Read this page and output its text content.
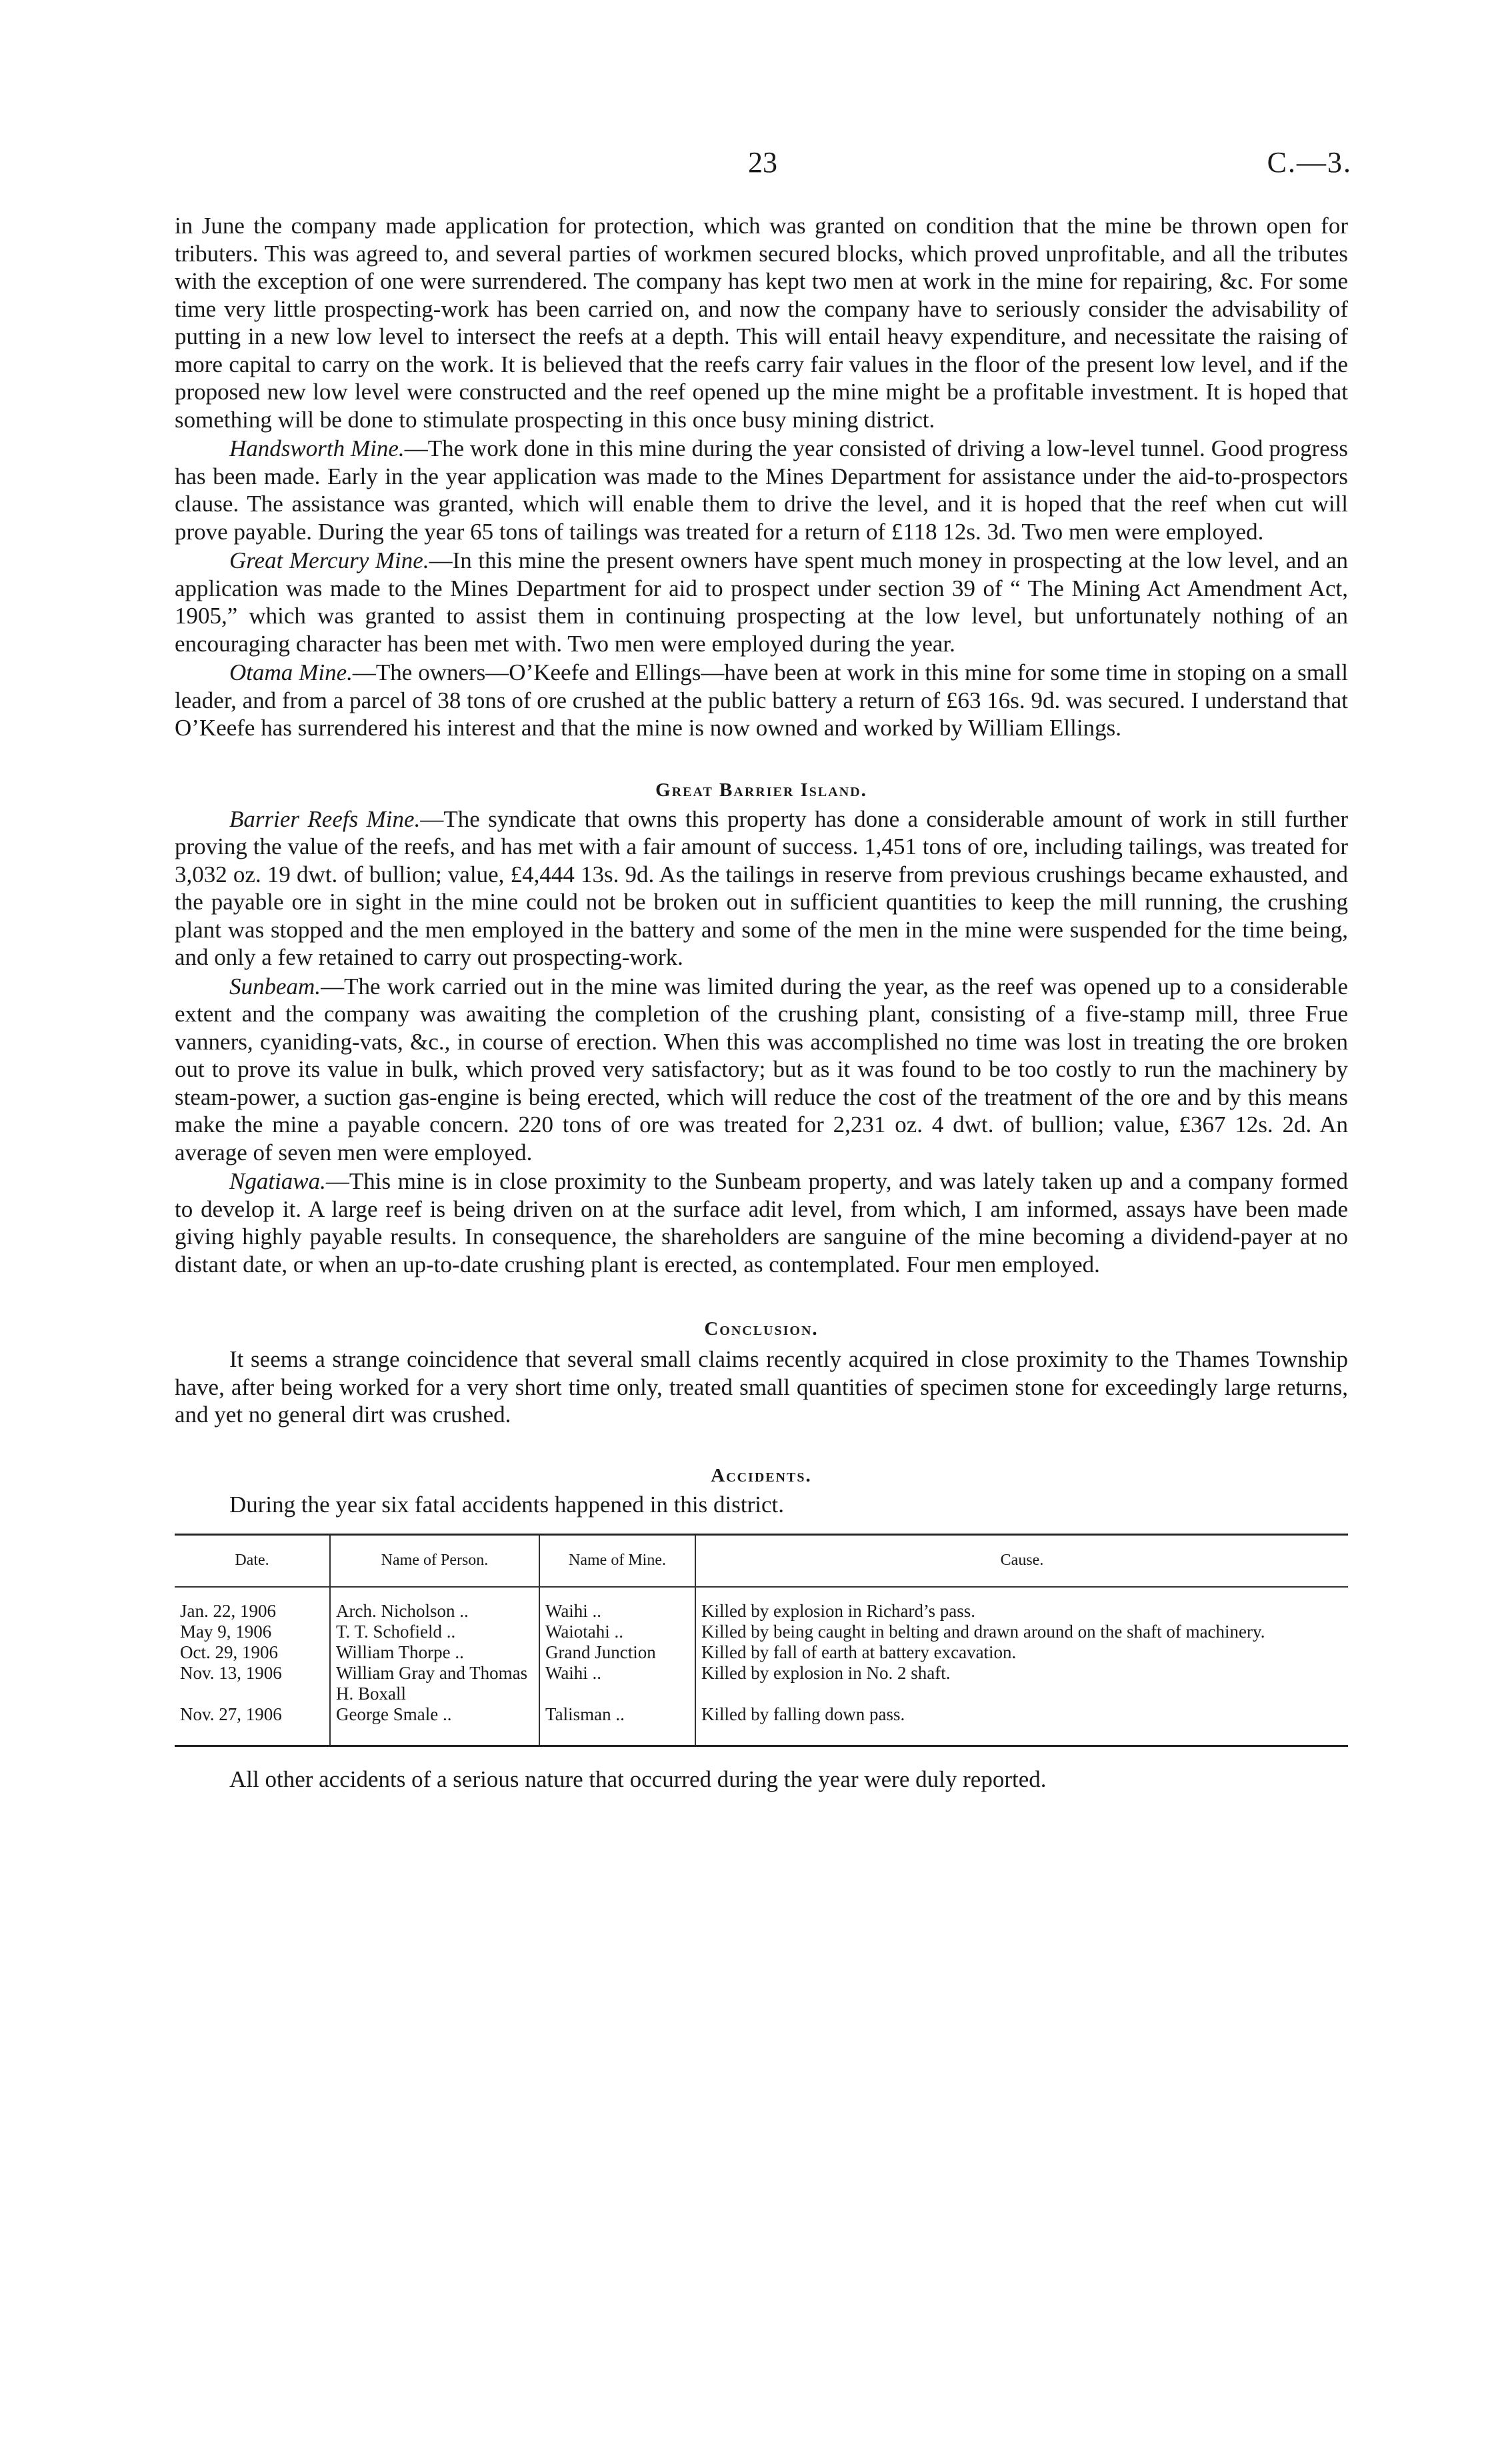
23	C.—3.

in June the company made application for protection, which was granted on condition that the mine be thrown open for tributers. This was agreed to, and several parties of workmen secured blocks, which proved unprofitable, and all the tributes with the exception of one were surrendered. The company has kept two men at work in the mine for repairing, &c. For some time very little prospecting-work has been carried on, and now the company have to seriously consider the advisability of putting in a new low level to intersect the reefs at a depth. This will entail heavy expenditure, and necessitate the raising of more capital to carry on the work. It is believed that the reefs carry fair values in the floor of the present low level, and if the proposed new low level were constructed and the reef opened up the mine might be a profitable investment. It is hoped that something will be done to stimulate prospecting in this once busy mining district.

Handsworth Mine.—The work done in this mine during the year consisted of driving a low-level tunnel. Good progress has been made. Early in the year application was made to the Mines Department for assistance under the aid-to-prospectors clause. The assistance was granted, which will enable them to drive the level, and it is hoped that the reef when cut will prove payable. During the year 65 tons of tailings was treated for a return of £118 12s. 3d. Two men were employed.

Great Mercury Mine.—In this mine the present owners have spent much money in prospecting at the low level, and an application was made to the Mines Department for aid to prospect under section 39 of “ The Mining Act Amendment Act, 1905,” which was granted to assist them in continuing prospecting at the low level, but unfortunately nothing of an encouraging character has been met with. Two men were employed during the year.

Otama Mine.—The owners—O’Keefe and Ellings—have been at work in this mine for some time in stoping on a small leader, and from a parcel of 38 tons of ore crushed at the public battery a return of £63 16s. 9d. was secured. I understand that O’Keefe has surrendered his interest and that the mine is now owned and worked by William Ellings.

Great Barrier Island.

Barrier Reefs Mine.—The syndicate that owns this property has done a considerable amount of work in still further proving the value of the reefs, and has met with a fair amount of success. 1,451 tons of ore, including tailings, was treated for 3,032 oz. 19 dwt. of bullion; value, £4,444 13s. 9d. As the tailings in reserve from previous crushings became exhausted, and the payable ore in sight in the mine could not be broken out in sufficient quantities to keep the mill running, the crushing plant was stopped and the men employed in the battery and some of the men in the mine were suspended for the time being, and only a few retained to carry out prospecting-work.

Sunbeam.—The work carried out in the mine was limited during the year, as the reef was opened up to a considerable extent and the company was awaiting the completion of the crushing plant, consisting of a five-stamp mill, three Frue vanners, cyaniding-vats, &c., in course of erection. When this was accomplished no time was lost in treating the ore broken out to prove its value in bulk, which proved very satisfactory; but as it was found to be too costly to run the machinery by steam-power, a suction gas-engine is being erected, which will reduce the cost of the treatment of the ore and by this means make the mine a payable concern. 220 tons of ore was treated for 2,231 oz. 4 dwt. of bullion; value, £367 12s. 2d. An average of seven men were employed.

Ngatiawa.—This mine is in close proximity to the Sunbeam property, and was lately taken up and a company formed to develop it. A large reef is being driven on at the surface adit level, from which, I am informed, assays have been made giving highly payable results. In consequence, the shareholders are sanguine of the mine becoming a dividend-payer at no distant date, or when an up-to-date crushing plant is erected, as contemplated. Four men employed.

Conclusion.

It seems a strange coincidence that several small claims recently acquired in close proximity to the Thames Township have, after being worked for a very short time only, treated small quantities of specimen stone for exceedingly large returns, and yet no general dirt was crushed.

Accidents.

During the year six fatal accidents happened in this district.

Date.	Name of Person.	Name of Mine.	Cause.
Jan. 22, 1906	Arch. Nicholson ..	Waihi ..	Killed by explosion in Richard’s pass.
May 9, 1906	T. T. Schofield ..	Waiotahi ..	Killed by being caught in belting and drawn around on the shaft of machinery.
Oct. 29, 1906	William Thorpe ..	Grand Junction	Killed by fall of earth at battery excavation.
Nov. 13, 1906	William Gray and Thomas H. Boxall	Waihi ..	Killed by explosion in No. 2 shaft.
Nov. 27, 1906	George Smale ..	Talisman ..	Killed by falling down pass.

All other accidents of a serious nature that occurred during the year were duly reported.
